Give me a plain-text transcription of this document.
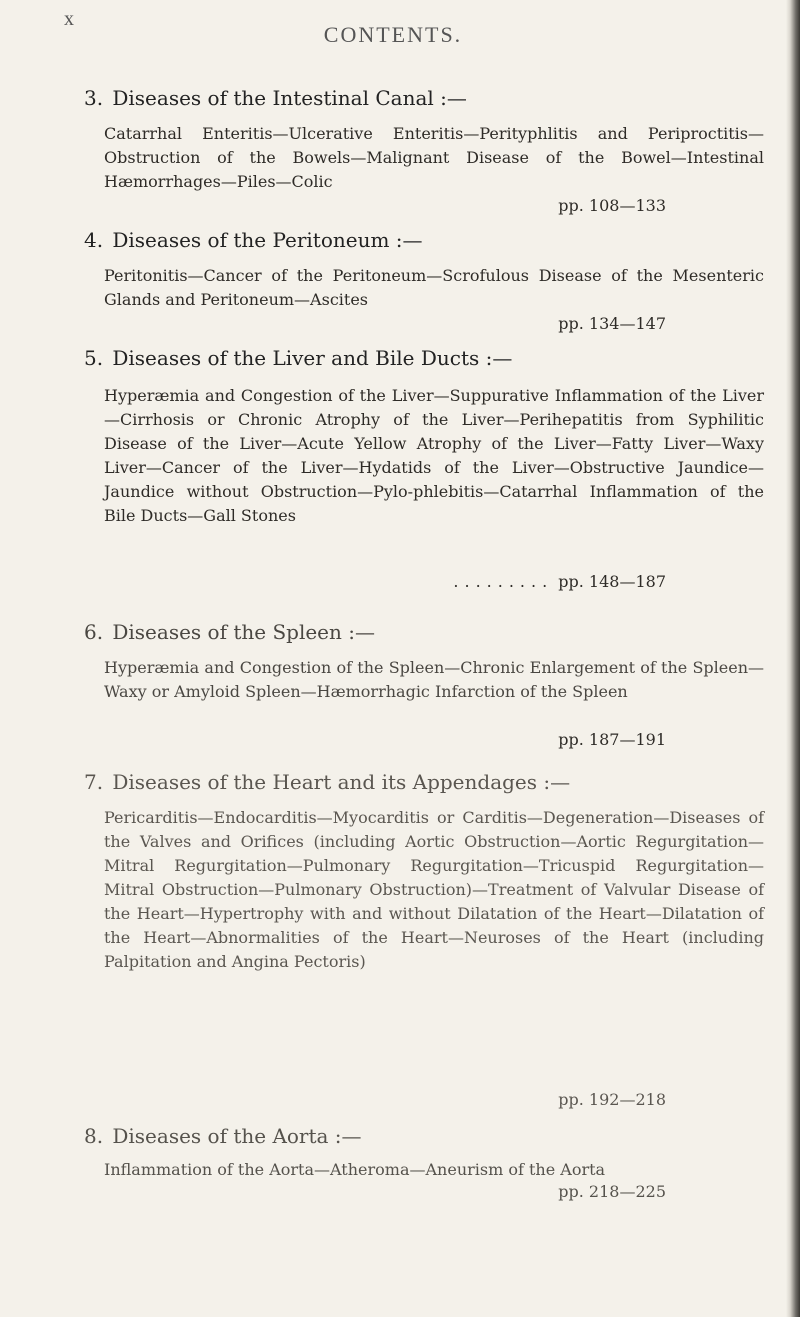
x
CONTENTS.
3. Diseases of the Intestinal Canal :—
Catarrhal Enteritis—Ulcerative Enteritis—Perityphlitis and Periproctitis—Obstruction of the Bowels—Malignant Disease of the Bowel—Intestinal Hæmorrhages—Piles—Colic
pp. 108—133
4. Diseases of the Peritoneum :—
Peritonitis—Cancer of the Peritoneum—Scrofulous Disease of the Mesenteric Glands and Peritoneum—Ascites
pp. 134—147
5. Diseases of the Liver and Bile Ducts :—
Hyperæmia and Congestion of the Liver—Suppurative Inflammation of the Liver—Cirrhosis or Chronic Atrophy of the Liver—Perihepatitis from Syphilitic Disease of the Liver—Acute Yellow Atrophy of the Liver—Fatty Liver—Waxy Liver—Cancer of the Liver—Hydatids of the Liver—Obstructive Jaundice—Jaundice without Obstruction—Pylo-phlebitis—Catarrhal Inflammation of the Bile Ducts—Gall Stones
......... pp. 148—187
6. Diseases of the Spleen :—
Hyperæmia and Congestion of the Spleen—Chronic Enlargement of the Spleen—Waxy or Amyloid Spleen—Hæmorrhagic Infarction of the Spleen
pp. 187—191
7. Diseases of the Heart and its Appendages :—
Pericarditis—Endocarditis—Myocarditis or Carditis—Degeneration—Diseases of the Valves and Orifices (including Aortic Obstruction—Aortic Regurgitation—Mitral Regurgitation—Pulmonary Regurgitation—Tricuspid Regurgitation—Mitral Obstruction—Pulmonary Obstruction)—Treatment of Valvular Disease of the Heart—Hypertrophy with and without Dilatation of the Heart—Dilatation of the Heart—Abnormalities of the Heart—Neuroses of the Heart (including Palpitation and Angina Pectoris)
pp. 192—218
8. Diseases of the Aorta :—
Inflammation of the Aorta—Atheroma—Aneurism of the Aorta
pp. 218—225
